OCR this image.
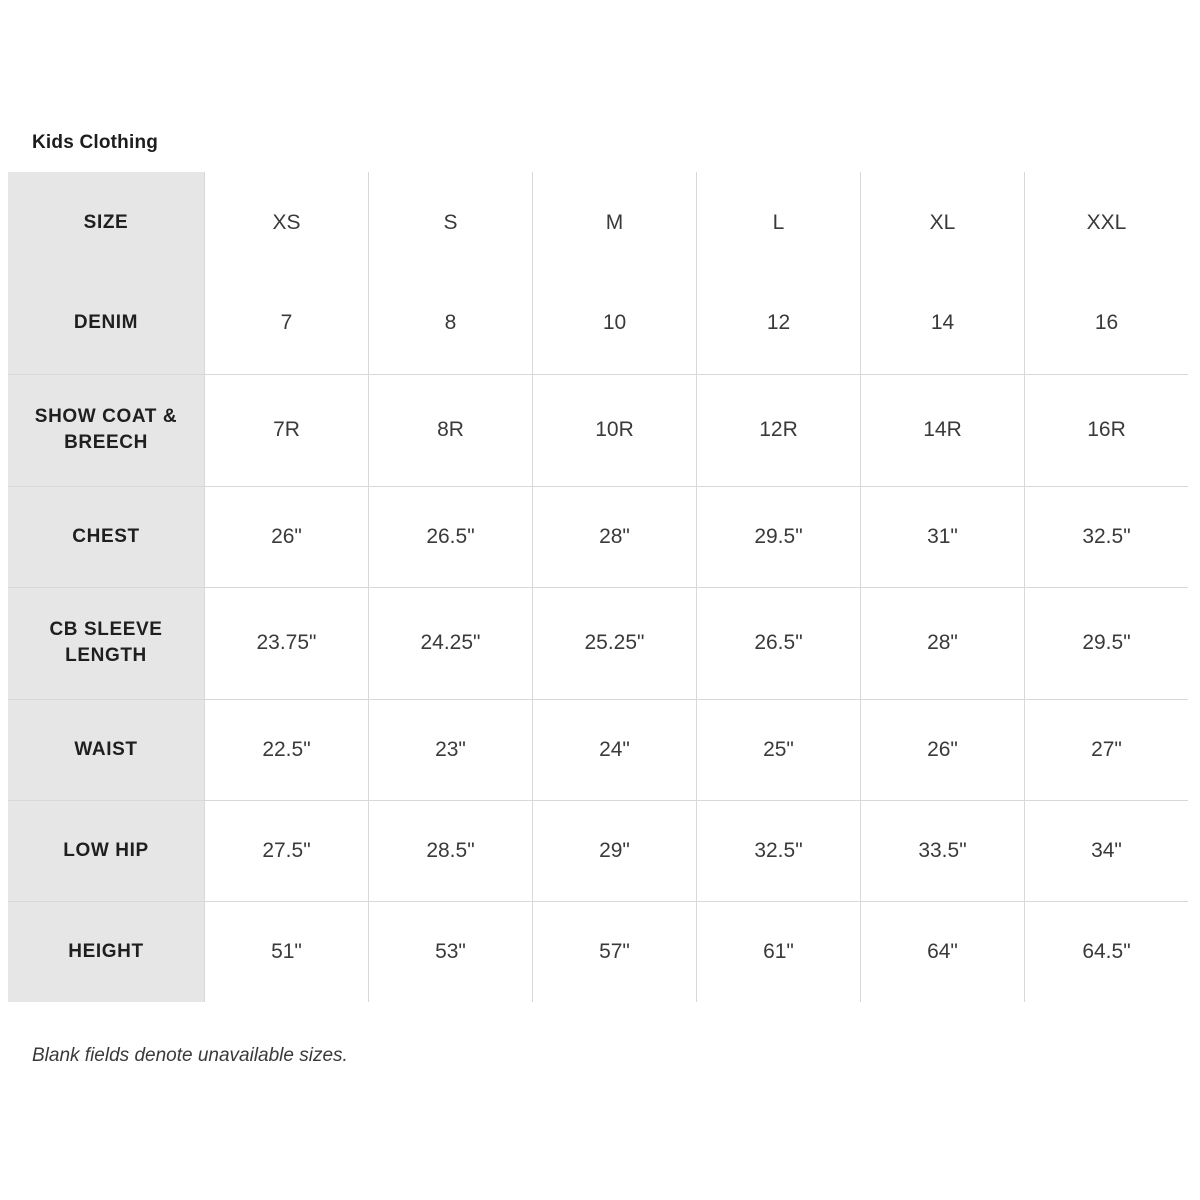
Kids Clothing
SIZE	XS	S	M	L	XL	XXL
DENIM	7	8	10	12	14	16
SHOW COAT & BREECH	7R	8R	10R	12R	14R	16R
CHEST	26"	26.5"	28"	29.5"	31"	32.5"
CB SLEEVE LENGTH	23.75"	24.25"	25.25"	26.5"	28"	29.5"
WAIST	22.5"	23"	24"	25"	26"	27"
LOW HIP	27.5"	28.5"	29"	32.5"	33.5"	34"
HEIGHT	51"	53"	57"	61"	64"	64.5"
Blank fields denote unavailable sizes.
